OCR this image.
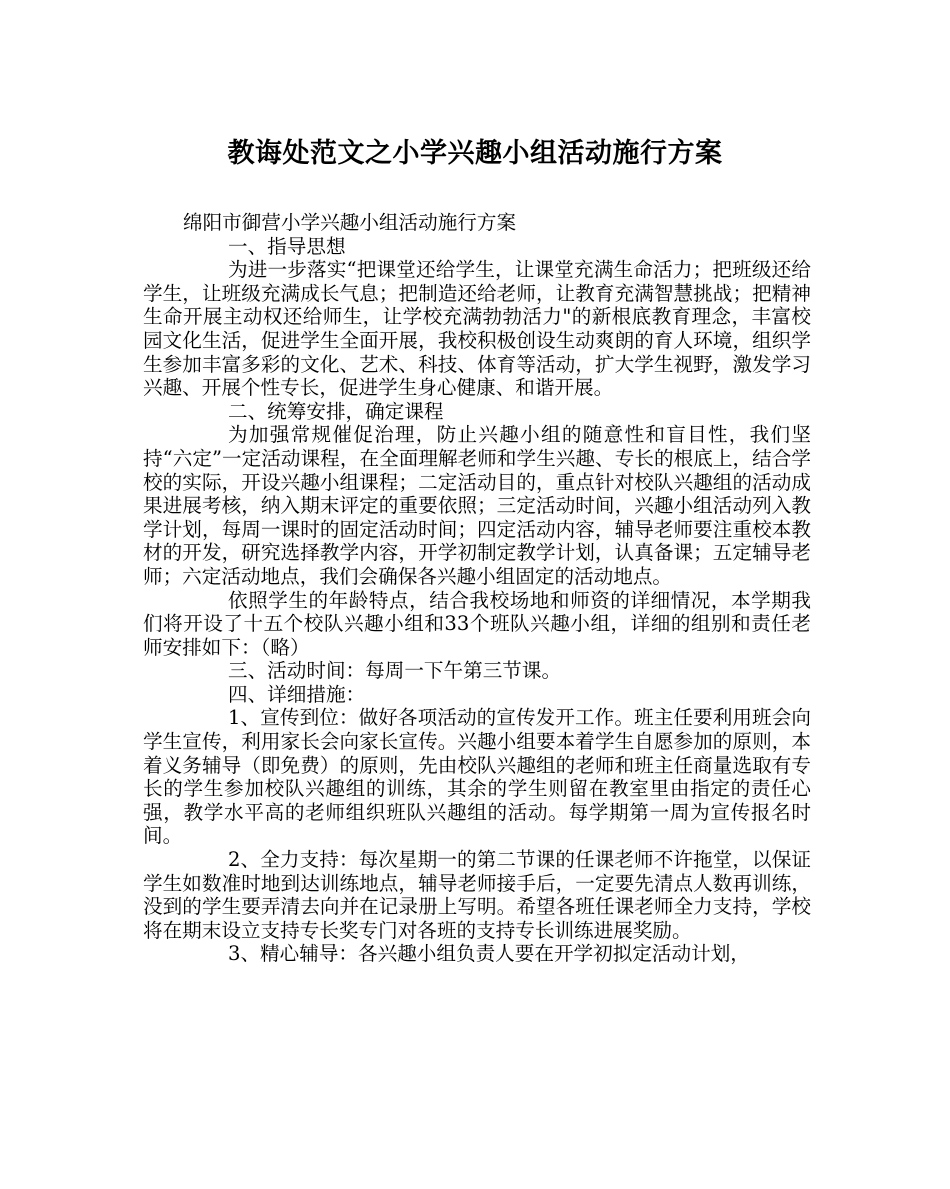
教诲处范文之小学兴趣小组活动施行方案

绵阳市御营小学兴趣小组活动施行方案

一、指导思想

为进一步落实“把课堂还给学生，让课堂充满生命活力；把班级还给学生，让班级充满成长气息；把制造还给老师，让教育充满智慧挑战；把精神生命开展主动权还给师生，让学校充满勃勃活力"的新根底教育理念，丰富校园文化生活，促进学生全面开展，我校积极创设生动爽朗的育人环境，组织学生参加丰富多彩的文化、艺术、科技、体育等活动，扩大学生视野，激发学习兴趣、开展个性专长，促进学生身心健康、和谐开展。

二、统筹安排，确定课程

为加强常规催促治理，防止兴趣小组的随意性和盲目性，我们坚持“六定”一定活动课程，在全面理解老师和学生兴趣、专长的根底上，结合学校的实际，开设兴趣小组课程；二定活动目的，重点针对校队兴趣组的活动成果进展考核，纳入期末评定的重要依照；三定活动时间，兴趣小组活动列入教学计划，每周一课时的固定活动时间；四定活动内容，辅导老师要注重校本教材的开发，研究选择教学内容，开学初制定教学计划，认真备课；五定辅导老师；六定活动地点，我们会确保各兴趣小组固定的活动地点。

依照学生的年龄特点，结合我校场地和师资的详细情况，本学期我们将开设了十五个校队兴趣小组和33个班队兴趣小组，详细的组别和责任老师安排如下：（略）

三、活动时间：每周一下午第三节课。

四、详细措施：

1、宣传到位：做好各项活动的宣传发开工作。班主任要利用班会向学生宣传，利用家长会向家长宣传。兴趣小组要本着学生自愿参加的原则，本着义务辅导（即免费）的原则，先由校队兴趣组的老师和班主任商量选取有专长的学生参加校队兴趣组的训练，其余的学生则留在教室里由指定的责任心强，教学水平高的老师组织班队兴趣组的活动。每学期第一周为宣传报名时间。

2、全力支持：每次星期一的第二节课的任课老师不许拖堂，以保证学生如数准时地到达训练地点，辅导老师接手后，一定要先清点人数再训练，没到的学生要弄清去向并在记录册上写明。希望各班任课老师全力支持，学校将在期末设立支持专长奖专门对各班的支持专长训练进展奖励。

3、精心辅导：各兴趣小组负责人要在开学初拟定活动计划，
